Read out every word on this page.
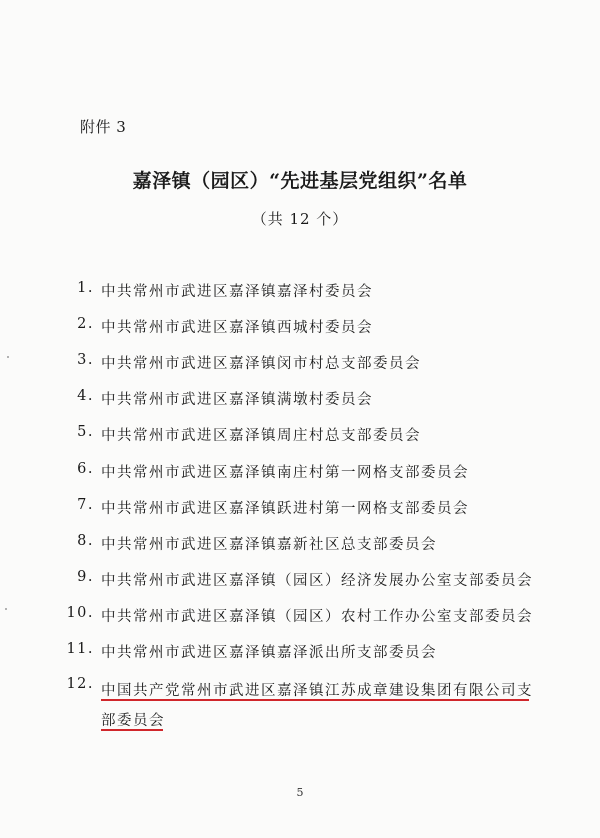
附件 3
嘉泽镇（园区）“先进基层党组织”名单
（共 12 个）
1. 中共常州市武进区嘉泽镇嘉泽村委员会
2. 中共常州市武进区嘉泽镇西城村委员会
3. 中共常州市武进区嘉泽镇闵市村总支部委员会
4. 中共常州市武进区嘉泽镇满墩村委员会
5. 中共常州市武进区嘉泽镇周庄村总支部委员会
6. 中共常州市武进区嘉泽镇南庄村第一网格支部委员会
7. 中共常州市武进区嘉泽镇跃进村第一网格支部委员会
8. 中共常州市武进区嘉泽镇嘉新社区总支部委员会
9. 中共常州市武进区嘉泽镇（园区）经济发展办公室支部委员会
10. 中共常州市武进区嘉泽镇（园区）农村工作办公室支部委员会
11. 中共常州市武进区嘉泽镇嘉泽派出所支部委员会
12. 中国共产党常州市武进区嘉泽镇江苏成章建设集团有限公司支部委员会
5
